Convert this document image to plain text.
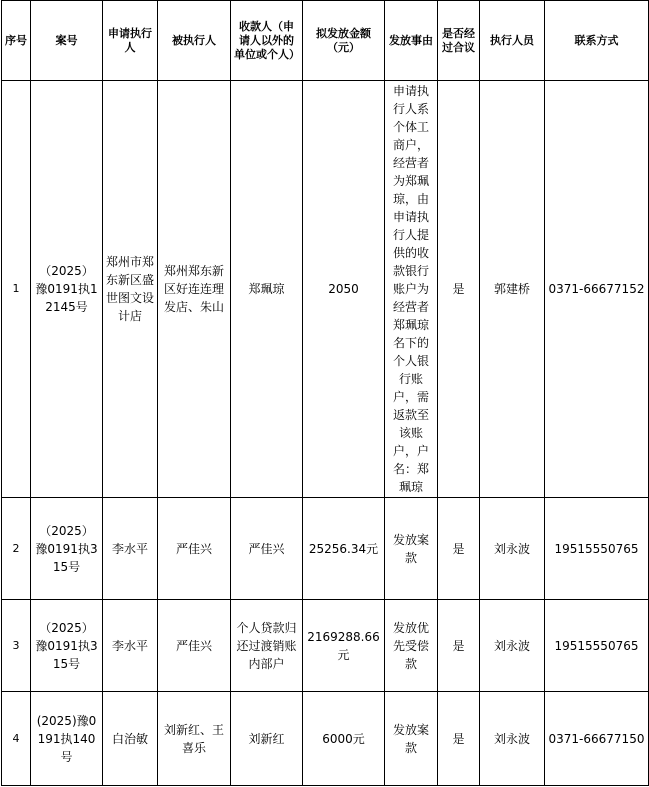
序号	案号	申请执行人	被执行人	收款人（申请人以外的单位或个人）	拟发放金额（元）	发放事由	是否经过合议	执行人员	联系方式
1	（2025）豫0191执12145号	郑州市郑东新区盛世图文设计店	郑州郑东新区好连连理发店、朱山	郑珮琼	2050	申请执行人系个体工商户，经营者为郑珮琼，由申请执行人提供的收款银行账户为经营者郑珮琼名下的个人银行账户，需返款至该账户，户名：郑珮琼	是	郭建桥	0371-66677152
2	（2025）豫0191执315号	李水平	严佳兴	严佳兴	25256.34元	发放案款	是	刘永波	19515550765
3	（2025）豫0191执315号	李水平	严佳兴	个人贷款归还过渡销账内部户	2169288.66元	发放优先受偿款	是	刘永波	19515550765
4	(2025)豫0191执140号	白治敏	刘新红、王喜乐	刘新红	6000元	发放案款	是	刘永波	0371-66677150
